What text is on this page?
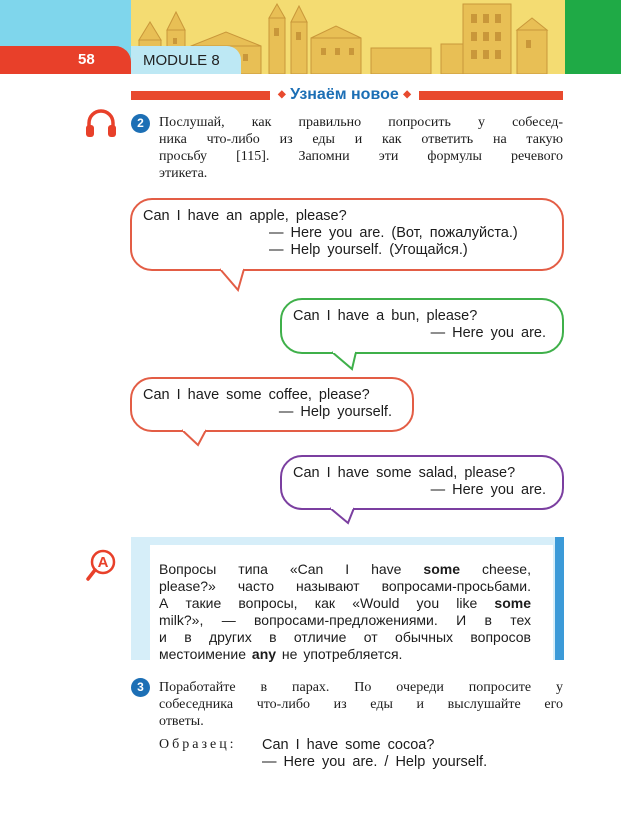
58	MODULE 8
◆ Узнаём новое ◆
2	Послушай, как правильно попросить у собесед-
ника что-либо из еды и как ответить на такую
просьбу [115]. Запомни эти формулы речевого
этикета.
Can I have an apple, please?
— Here you are. (Вот, пожалуйста.)
— Help yourself. (Угощайся.)
Can I have a bun, please?
— Here you are.
Can I have some coffee, please?
— Help yourself.
Can I have some salad, please?
— Here you are.
A	Вопросы типа «Can I have some cheese,
please?» часто называют вопросами-просьбами.
А такие вопросы, как «Would you like some
milk?», — вопросами-предложениями. И в тех
и в других в отличие от обычных вопросов
местоимение any не употребляется.
3	Поработайте в парах. По очереди попросите у
собеседника что-либо из еды и выслушайте его
ответы.
Образец: Can I have some cocoa?
— Here you are. / Help yourself.
